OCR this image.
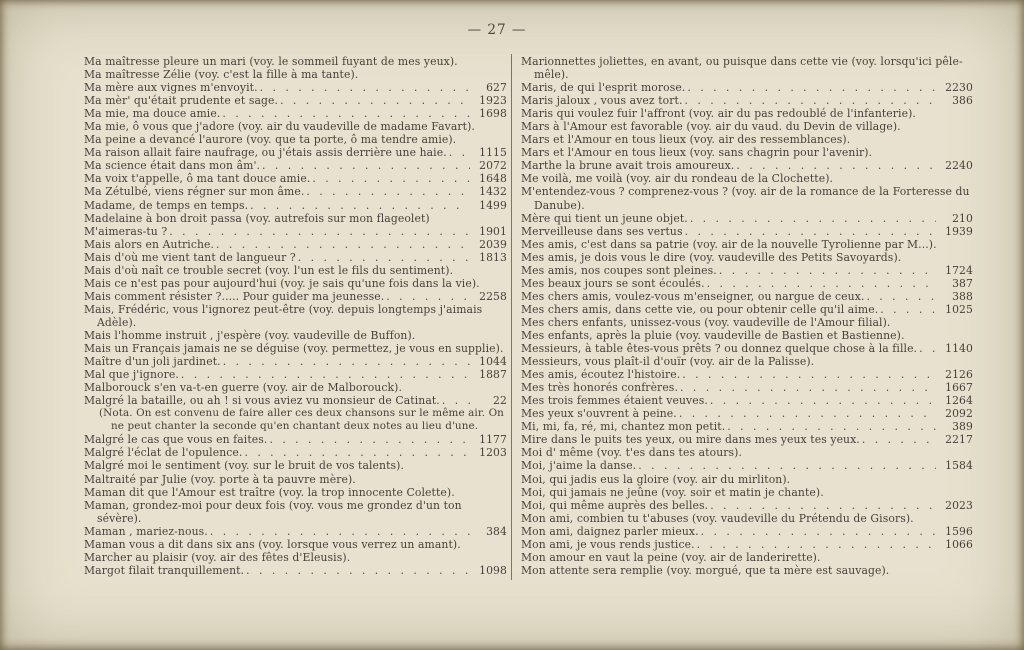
— 27 —
Ma maîtresse pleure un mari (voy. le sommeil fuyant de mes yeux).
Ma maîtresse Zélie (voy. c'est la fille à ma tante).
Ma mère aux vignes m'envoyit. . . .	627
Ma mèr' qu'était prudente et sage. . . .	1923
Ma mie, ma douce amie. . . .	1698
Ma mie, ô vous que j'adore (voy. air du vaudeville de madame Favart).
Ma peine a devancé l'aurore (voy. que ta porte, ô ma tendre amie).
Ma raison allait faire naufrage, ou j'étais assis derrière une haie. . . .	1115
Ma science était dans mon âm'. . . .	2072
Ma voix t'appelle, ô ma tant douce amie. . . .	1648
Ma Zétulbé, viens régner sur mon âme. . . .	1432
Madame, de temps en temps. . . .	1499
Madelaine à bon droit passa (voy. autrefois sur mon flageolet)
M'aimeras-tu ? . . .	1901
Mais alors en Autriche. . . .	2039
Mais d'où me vient tant de langueur ? . . .	1813
Mais d'où naît ce trouble secret (voy. l'un est le fils du sentiment).
Mais ce n'est pas pour aujourd'hui (voy. je sais qu'une fois dans la vie).
Mais comment résister ?..... Pour guider ma jeunesse. . . .	2258
Mais, Frédéric, vous l'ignorez peut-être (voy. depuis longtemps j'aimais Adèle).
Mais l'homme instruit , j'espère (voy. vaudeville de Buffon).
Mais un Français jamais ne se déguise (voy. permettez, je vous en supplie).
Maître d'un joli jardinet. . . .	1044
Mal que j'ignore. . . .	1887
Malborouck s'en va-t-en guerre (voy. air de Malborouck).
Malgré la bataille, ou ah ! si vous aviez vu monsieur de Catinat. . . .	22
(Nota. On est convenu de faire aller ces deux chansons sur le même air. On ne peut chanter la seconde qu'en chantant deux notes au lieu d'une.
Malgré le cas que vous en faites. . . .	1177
Malgré l'éclat de l'opulence. . . .	1203
Malgré moi le sentiment (voy. sur le bruit de vos talents).
Maltraité par Julie (voy. porte à ta pauvre mère).
Maman dit que l'Amour est traître (voy. la trop innocente Colette).
Maman, grondez-moi pour deux fois (voy. vous me grondez d'un ton sévère).
Maman , mariez-nous. . . .	384
Maman vous a dit dans six ans (voy. lorsque vous verrez un amant).
Marcher au plaisir (voy. air des fêtes d'Eleusis).
Margot filait tranquillement. . . .	1098
Marionnettes joliettes, en avant, ou puisque dans cette vie (voy. lorsqu'ici pêle-mêle).
Maris, de qui l'esprit morose. . . .	2230
Maris jaloux , vous avez tort. . . .	386
Maris qui voulez fuir l'affront (voy. air du pas redoublé de l'infanterie).
Mars à l'Amour est favorable (voy. air du vaud. du Devin de village).
Mars et l'Amour en tous lieux (voy. air des ressemblances).
Mars et l'Amour en tous lieux (voy. sans chagrin pour l'avenir).
Marthe la brune avait trois amoureux. . . .	2240
Me voilà, me voilà (voy. air du rondeau de la Clochette).
M'entendez-vous ? comprenez-vous ? (voy. air de la romance de la Forteresse du Danube).
Mère qui tient un jeune objet. . . .	210
Merveilleuse dans ses vertus . . .	1939
Mes amis, c'est dans sa patrie (voy. air de la nouvelle Tyrolienne par M...).
Mes amis, je dois vous le dire (voy. vaudeville des Petits Savoyards).
Mes amis, nos coupes sont pleines. . . .	1724
Mes beaux jours se sont écoulés. . . .	387
Mes chers amis, voulez-vous m'enseigner, ou nargue de ceux. . . .	388
Mes chers amis, dans cette vie, ou pour obtenir celle qu'il aime. . . .	1025
Mes chers enfants, unissez-vous (voy. vaudeville de l'Amour filial).
Mes enfants, après la pluie (voy. vaudeville de Bastien et Bastienne).
Messieurs, à table êtes-vous prêts ? ou donnez quelque chose à la fille. . . .	1140
Messieurs, vous plaît-il d'ouïr (voy. air de la Palisse).
Mes amis, écoutez l'histoire. . . .	2126
Mes très honorés confrères. . . .	1667
Mes trois femmes étaient veuves. . . .	1264
Mes yeux s'ouvrent à peine. . . .	2092
Mi, mi, fa, ré, mi, chantez mon petit. . . .	389
Mire dans le puits tes yeux, ou mire dans mes yeux tes yeux. . . .	2217
Moi d' même (voy. t'es dans tes atours).
Moi, j'aime la danse. . . .	1584
Moi, qui jadis eus la gloire (voy. air du mirliton).
Moi, qui jamais ne jeûne (voy. soir et matin je chante).
Moi, qui même auprès des belles. . . .	2023
Mon ami, combien tu t'abuses (voy. vaudeville du Prétendu de Gisors).
Mon ami, daignez parler mieux. . . .	1596
Mon ami, je vous rends justice. . . .	1066
Mon amour en vaut la peine (voy. air de landerirette).
Mon attente sera remplie (voy. morgué, que ta mère est sauvage).
